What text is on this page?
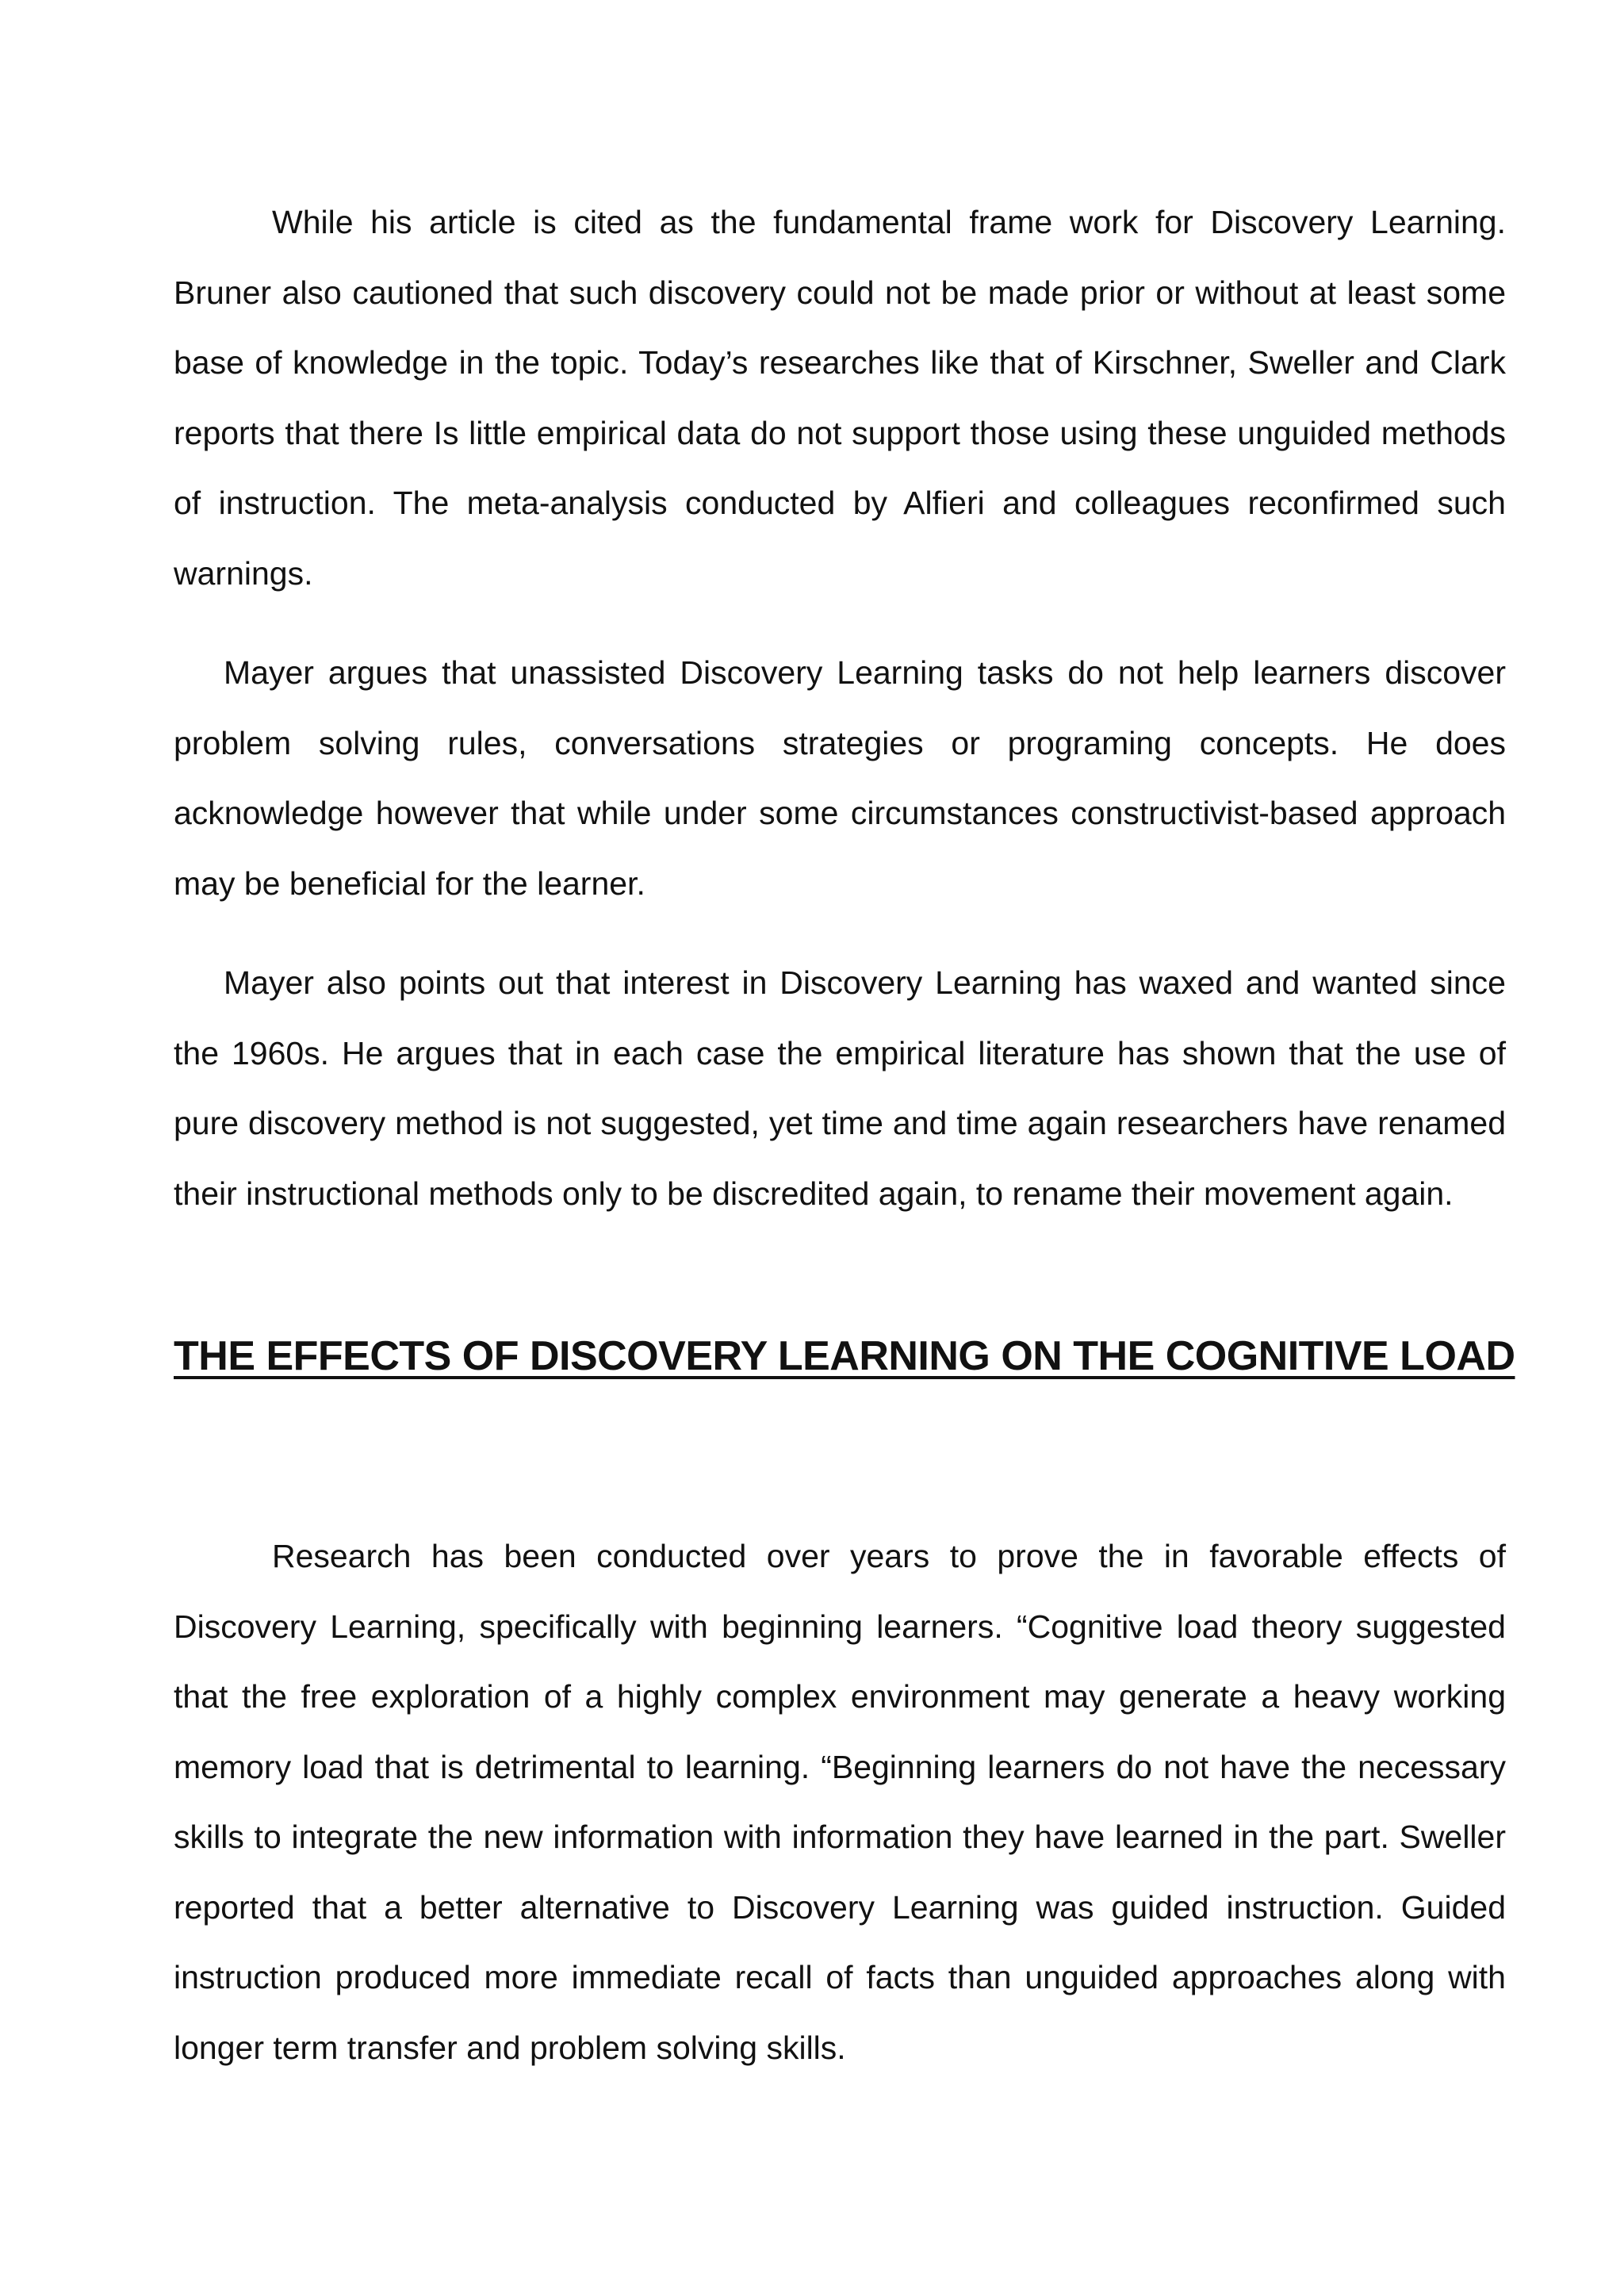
While his article is cited as the fundamental frame work for Discovery Learning. Bruner also cautioned that such discovery could not be made prior or without at least some base of knowledge in the topic. Today’s researches like that of Kirschner, Sweller and Clark reports that there Is little empirical data do not support those using these unguided methods of instruction. The meta-analysis conducted by Alfieri and colleagues reconfirmed such warnings.

Mayer argues that unassisted Discovery Learning tasks do not help learners discover problem solving rules, conversations strategies or programing concepts. He does acknowledge however that while under some circumstances constructivist-based approach may be beneficial for the learner.

Mayer also points out that interest in Discovery Learning has waxed and wanted since the 1960s. He argues that in each case the empirical literature has shown that the use of pure discovery method is not suggested, yet time and time again researchers have renamed their instructional methods only to be discredited again, to rename their movement again.

THE EFFECTS OF DISCOVERY LEARNING ON THE COGNITIVE LOAD

Research has been conducted over years to prove the in favorable effects of Discovery Learning, specifically with beginning learners. “Cognitive load theory suggested that the free exploration of a highly complex environment may generate a heavy working memory load that is detrimental to learning. “Beginning learners do not have the necessary skills to integrate the new information with information they have learned in the part. Sweller reported that a better alternative to Discovery Learning was guided instruction. Guided instruction produced more immediate recall of facts than unguided approaches along with longer term transfer and problem solving skills.
